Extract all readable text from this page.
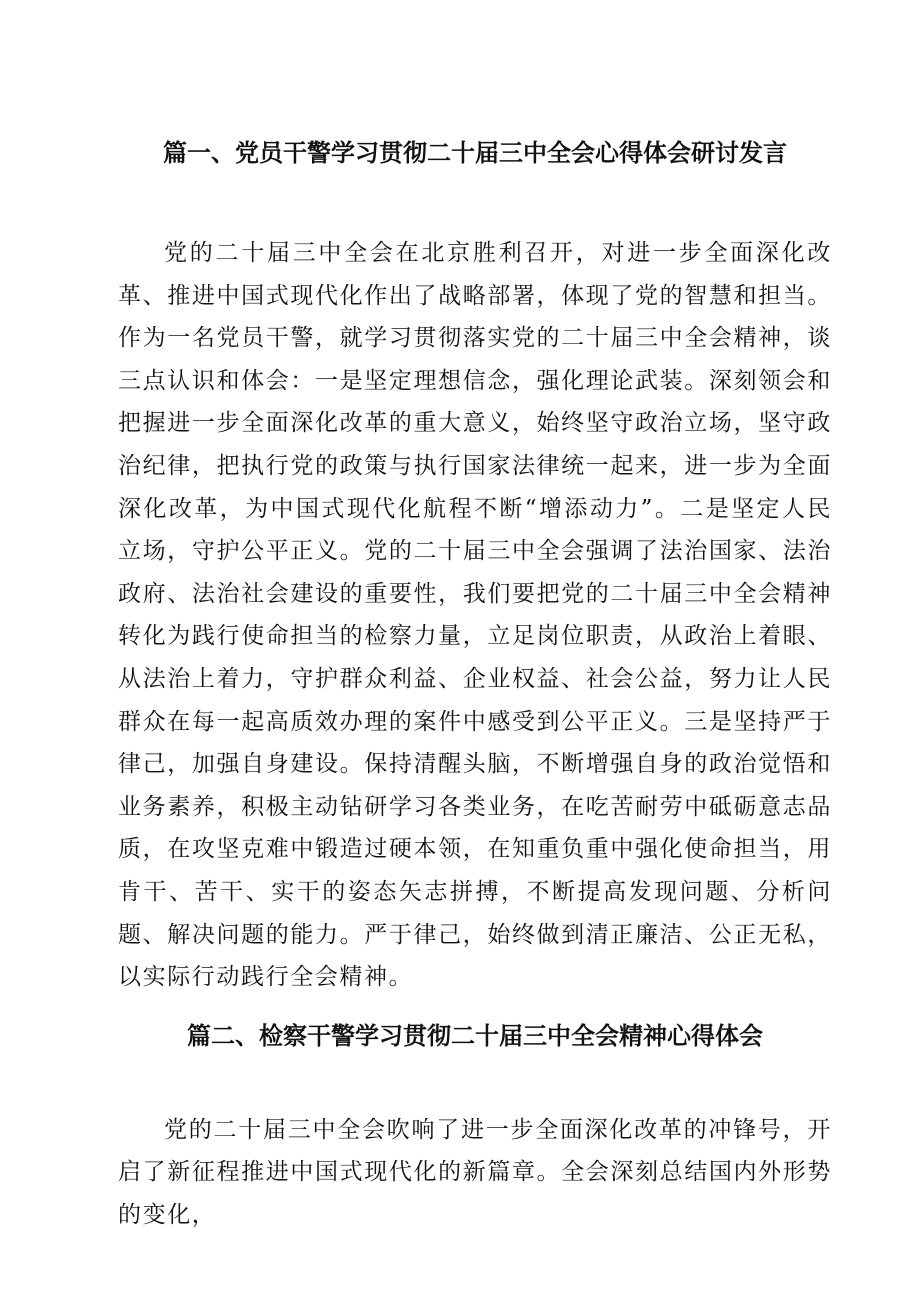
篇一、党员干警学习贯彻二十届三中全会心得体会研讨发言

党的二十届三中全会在北京胜利召开，对进一步全面深化改革、推进中国式现代化作出了战略部署，体现了党的智慧和担当。作为一名党员干警，就学习贯彻落实党的二十届三中全会精神，谈三点认识和体会：一是坚定理想信念，强化理论武装。深刻领会和把握进一步全面深化改革的重大意义，始终坚守政治立场，坚守政治纪律，把执行党的政策与执行国家法律统一起来，进一步为全面深化改革，为中国式现代化航程不断“增添动力”。二是坚定人民立场，守护公平正义。党的二十届三中全会强调了法治国家、法治政府、法治社会建设的重要性，我们要把党的二十届三中全会精神转化为践行使命担当的检察力量，立足岗位职责，从政治上着眼、从法治上着力，守护群众利益、企业权益、社会公益，努力让人民群众在每一起高质效办理的案件中感受到公平正义。三是坚持严于律己，加强自身建设。保持清醒头脑，不断增强自身的政治觉悟和业务素养，积极主动钻研学习各类业务，在吃苦耐劳中砥砺意志品质，在攻坚克难中锻造过硬本领，在知重负重中强化使命担当，用肯干、苦干、实干的姿态矢志拼搏，不断提高发现问题、分析问题、解决问题的能力。严于律己，始终做到清正廉洁、公正无私，以实际行动践行全会精神。

篇二、检察干警学习贯彻二十届三中全会精神心得体会

党的二十届三中全会吹响了进一步全面深化改革的冲锋号，开启了新征程推进中国式现代化的新篇章。全会深刻总结国内外形势的变化，
